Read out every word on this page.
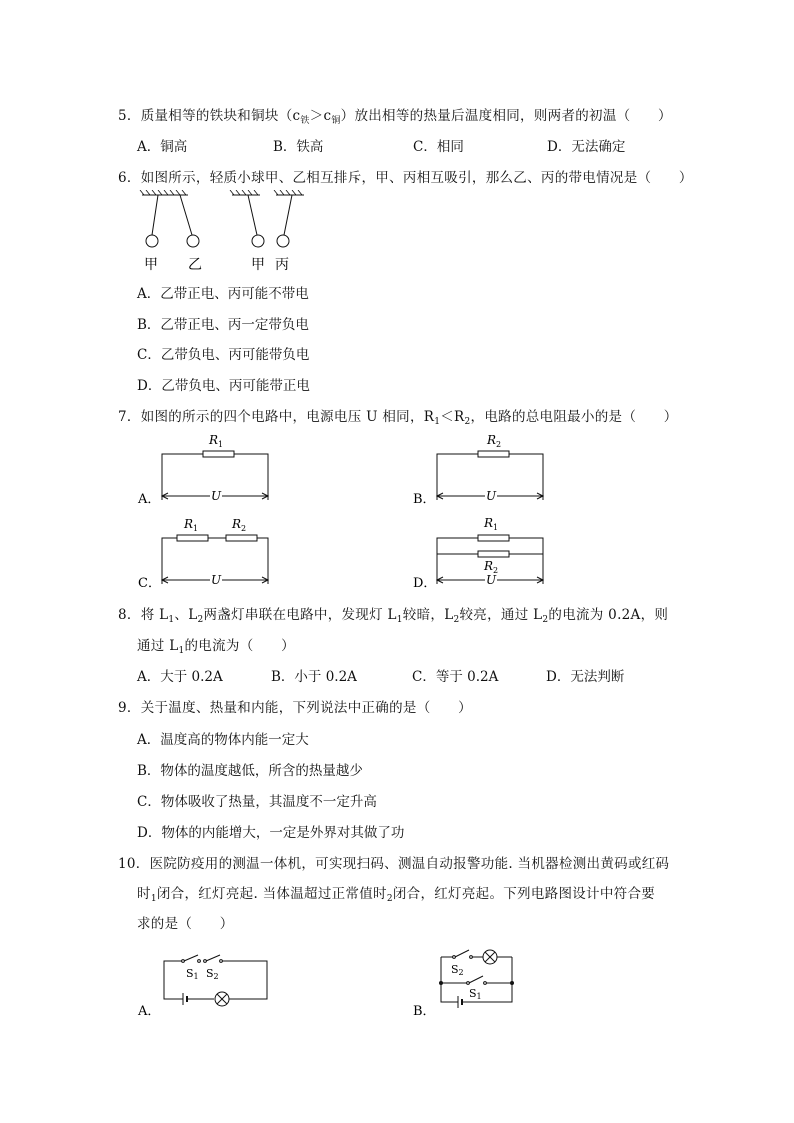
5．质量相等的铁块和铜块$(c_铁>c_铜)$放出相等的热量后温度相同，则两者的初温（　　）
A．铜高	B．铁高	C．相同	D．无法确定
6．如图所示，轻质小球甲、乙相互排斥，甲、丙相互吸引，那么乙、丙的带电情况是（　　）
甲 乙	甲 丙
A．乙带正电、丙可能不带电
B．乙带正电、丙一定带负电
C．乙带负电、丙可能带负电
D．乙带负电、丙可能带正电
7．如图的所示的四个电路中，电源电压 U 相同，$R_1<R_2$，电路的总电阻最小的是（　　）
A．
$R_1$
U	B．
$R_2$
U
C．
$R_1$	$R_2$
U	D．
$R_1$
$R_2$
U
8．将 $L_1$、$L_2$两盏灯串联在电路中，发现灯 $L_1$较暗，$L_2$较亮，通过 $L_2$的电流为 0.2A，则
通过 $L_1$的电流为（　　）
A．大于 0.2A	B．小于 0.2A	C．等于 0.2A	D．无法判断
9．关于温度、热量和内能，下列说法中正确的是（　　）
A．温度高的物体内能一定大
B．物体的温度越低，所含的热量越少
C．物体吸收了热量，其温度不一定升高
D．物体的内能增大，一定是外界对其做了功
10．医院防疫用的测温一体机，可实现扫码、测温自动报警功能. 当机器检测出黄码或红码
时$_1$闭合，红灯亮起. 当体温超过正常值时$_2$闭合，红灯亮起。下列电路图设计中符合要
求的是（　　）
A．
S1 S2
B．
S2
S1
